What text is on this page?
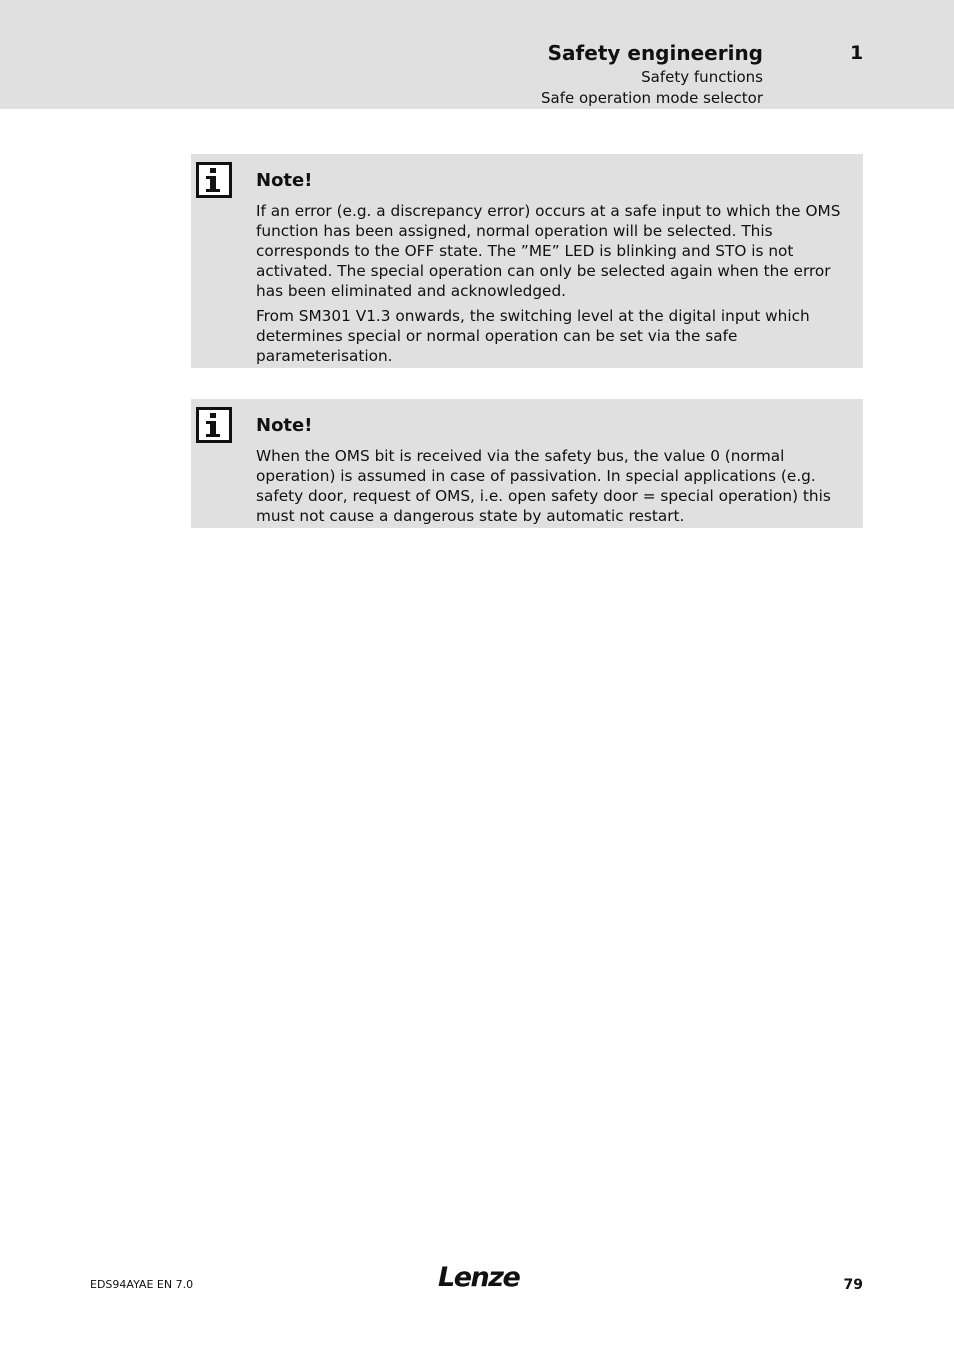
Safety engineering	1
Safety functions
Safe operation mode selector
Note!

If an error (e.g. a discrepancy error) occurs at a safe input to which the OMS function has been assigned, normal operation will be selected. This corresponds to the OFF state. The ”ME” LED is blinking and STO is not activated. The special operation can only be selected again when the error has been eliminated and acknowledged.

From SM301 V1.3 onwards, the switching level at the digital input which determines special or normal operation can be set via the safe parameterisation.

Note!

When the OMS bit is received via the safety bus, the value 0 (normal operation) is assumed in case of passivation. In special applications (e.g. safety door, request of OMS, i.e. open safety door = special operation) this must not cause a dangerous state by automatic restart.

EDS94AYAE EN 7.0	Lenze	79
